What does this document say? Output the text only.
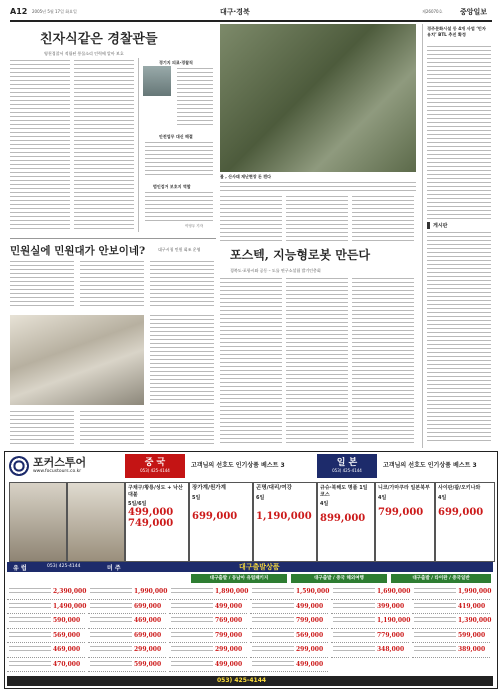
A12 2005년 5월 17일 화요일	대구·경북	제26070호	중앙일보
친자식같은 경찰관들
영천경찰서 적립된 풍물소리 인력에 알아 보호
경기지 의료·경찰직
안전업무 대신 해결
범인검거 보호지 역할
이영우 기자
민원실에 민원대가 안보이네?	대구시청 민원 회조 운영
불 , 산사태 재난현장 돈 캔다
포스텍, 지능형로봇 만든다
경북도·포항시와 공동 – 도를 연구소설립 발기인총회
경주문화시설 등 4개 사업 ‘민자 유치’ BTL 추진 확정
게시판
포커스투어
www.focustours.co.kr
중 국
053) 425-4144
고객님의 선호도 인기상품 베스트 3	일 본
053) 425-4144
고객님의 선호도 인기상품 베스트 3
구채구/황룡/성도 + 낙산대불
5일/6일
499,000
749,000
장가계/원가계
5일
699,000
곤명/대리/여강
6일
1,190,000
규슈·북해도 명품 1일 코스
4일
899,000
니코/가마쿠라 일본북부
4일
799,000
사이판/괌/오키나와
4일
699,000
유 럽	053) 425-4144	미 주	대구출발상품
대구출발 / 동남아 유럽패키지	대구출발 / 중국 해외여행	대구출발 / 타이완 / 중국일반
2,390,000	1,990,000	1,890,000	1,590,000	1,690,000	1,990,000
1,490,000	699,000	499,000	499,000	399,000	419,000
590,000	469,000	769,000	799,000	1,190,000	1,390,000
569,000	699,000	799,000	569,000	779,000	599,000
469,000	299,000	299,000	299,000	348,000	389,000
470,000	599,000	499,000	499,000
053) 425-4144
